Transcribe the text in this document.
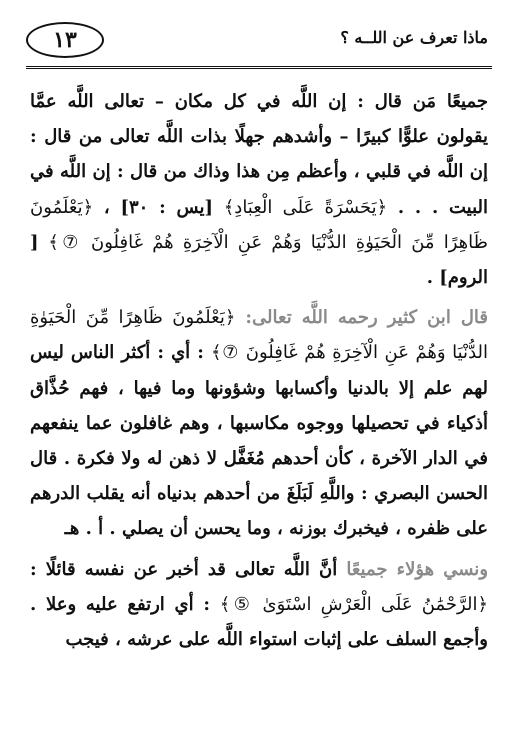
١٣	ماذا تعرف عن اللــه ؟

جميعًا مَن قال : إن اللَّه في كل مكان – تعالى اللَّه عمَّا يقولون علوًّا كبيرًا – وأشدهم جهلًا بذات اللَّه تعالى من قال : إن اللَّه في قلبي ، وأعظم مِن هذا وذاك من قال : إن اللَّه في البيت . . . ﴿يَحَسْرَةً عَلَى الْعِبَادِ﴾ [يس : ٣٠] ، ﴿يَعْلَمُونَ ظَاهِرًا مِّنَ الْحَيَوٰةِ الدُّنْيَا وَهُمْ عَنِ الْآخِرَةِ هُمْ غَافِلُونَ ⑦﴾ [ الروم] .

قال ابن كثير رحمه اللَّه تعالى: ﴿يَعْلَمُونَ ظَاهِرًا مِّنَ الْحَيَوٰةِ الدُّنْيَا وَهُمْ عَنِ الْآخِرَةِ هُمْ غَافِلُونَ ⑦﴾ : أي : أكثر الناس ليس لهم علم إلا بالدنيا وأكسابها وشؤونها وما فيها ، فهم حُذَّاق أذكياء في تحصيلها ووجوه مكاسبها ، وهم غافلون عما ينفعهم في الدار الآخرة ، كأن أحدهم مُغَفَّل لا ذهن له ولا فكرة . قال الحسن البصري : واللَّهِ لَبَلَغَ من أحدهم بدنياه أنه يقلب الدرهم على ظفره ، فيخبرك بوزنه ، وما يحسن أن يصلي . أ . هـ

ونسي هؤلاء جميعًا أنَّ اللَّه تعالى قد أخبر عن نفسه قائلًا : ﴿الرَّحْمَٰنُ عَلَى الْعَرْشِ اسْتَوَىٰ ⑤﴾ : أي ارتفع عليه وعلا . وأجمع السلف على إثبات استواء اللَّه على عرشه ، فيجب
